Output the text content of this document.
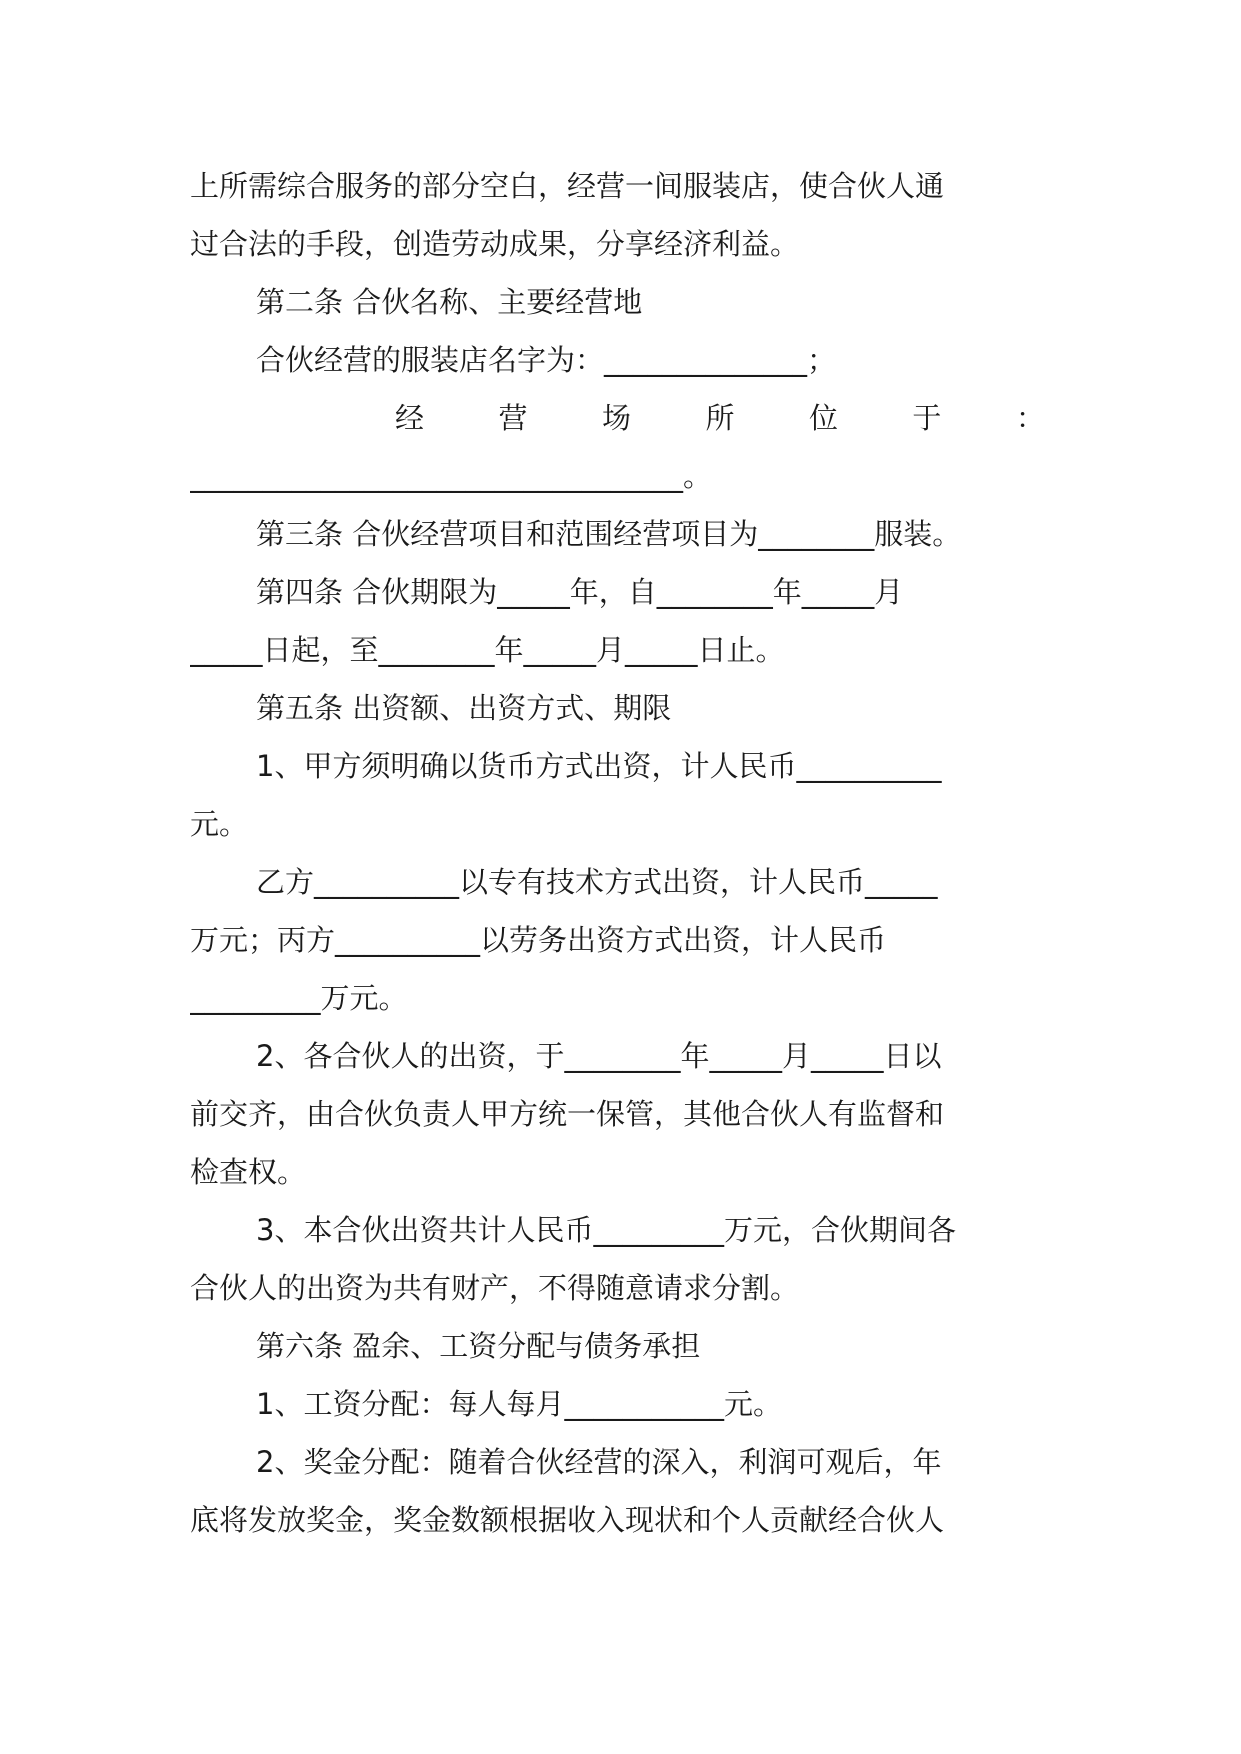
上所需综合服务的部分空白，经营一间服装店，使合伙人通
过合法的手段，创造劳动成果，分享经济利益。
第二条 合伙名称、主要经营地
合伙经营的服装店名字为：______________；
经	营	场	所	位	于	：
__________________________________。
第三条 合伙经营项目和范围经营项目为________服装。
第四条 合伙期限为_____年，自________年_____月
_____日起，至________年_____月_____日止。
第五条 出资额、出资方式、期限
1、甲方须明确以货币方式出资，计人民币__________
元。
乙方__________以专有技术方式出资，计人民币_____
万元；丙方__________以劳务出资方式出资，计人民币
_________万元。
2、各合伙人的出资，于________年_____月_____日以
前交齐，由合伙负责人甲方统一保管，其他合伙人有监督和
检查权。
3、本合伙出资共计人民币_________万元，合伙期间各
合伙人的出资为共有财产，不得随意请求分割。
第六条 盈余、工资分配与债务承担
1、工资分配：每人每月___________元。
2、奖金分配：随着合伙经营的深入，利润可观后，年
底将发放奖金，奖金数额根据收入现状和个人贡献经合伙人
